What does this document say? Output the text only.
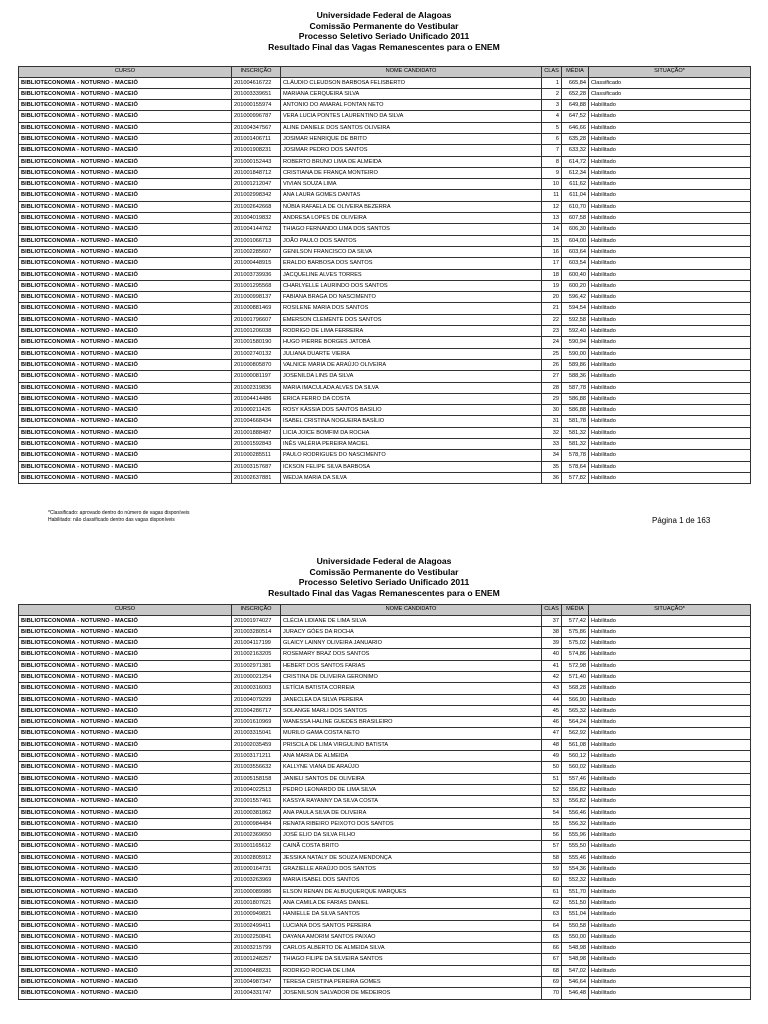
Universidade Federal de Alagoas
Comissão Permanente do Vestibular
Processo Seletivo Seriado Unificado 2011
Resultado Final das Vagas Remanescentes para o ENEM
CURSO	INSCRIÇÃO	NOME CANDIDATO	CLAS	MÉDIA	SITUAÇÃO*
BIBLIOTECONOMIA - NOTURNO - MACEIÓ	201004616722	CLÁUDIO CLEUDSON BARBOSA FELISBERTO	1	665,84	Classificado
BIBLIOTECONOMIA - NOTURNO - MACEIÓ	201003339651	MARIANA CERQUEIRA SILVA	2	652,28	Classificado
BIBLIOTECONOMIA - NOTURNO - MACEIÓ	201000155974	ANTONIO DO AMARAL FONTAN NETO	3	649,88	Habilitado
BIBLIOTECONOMIA - NOTURNO - MACEIÓ	201000996787	VERA LUCIA PONTES LAURENTINO DA SILVA	4	647,52	Habilitado
BIBLIOTECONOMIA - NOTURNO - MACEIÓ	201004347567	ALINE DANIELE DOS SANTOS OLIVEIRA	5	646,66	Habilitado
BIBLIOTECONOMIA - NOTURNO - MACEIÓ	201001406711	JOSIMAR HENRIQUE DE BRITO	6	635,28	Habilitado
BIBLIOTECONOMIA - NOTURNO - MACEIÓ	201001908231	JOSIMAR PEDRO DOS SANTOS	7	633,32	Habilitado
BIBLIOTECONOMIA - NOTURNO - MACEIÓ	201000152443	ROBERTO BRUNO LIMA DE ALMEIDA	8	614,72	Habilitado
BIBLIOTECONOMIA - NOTURNO - MACEIÓ	201001848712	CRISTIANA DE FRANÇA MONTEIRO	9	612,34	Habilitado
BIBLIOTECONOMIA - NOTURNO - MACEIÓ	201001212047	VIVIAN SOUZA LIMA	10	611,62	Habilitado
BIBLIOTECONOMIA - NOTURNO - MACEIÓ	201002998342	ANA LAURA GOMES DANTAS	11	611,04	Habilitado
BIBLIOTECONOMIA - NOTURNO - MACEIÓ	201002642668	NÚBIA RAFAELA DE OLIVEIRA BEZERRA	12	610,70	Habilitado
BIBLIOTECONOMIA - NOTURNO - MACEIÓ	201004019832	ANDRESA LOPES DE OLIVEIRA	13	607,58	Habilitado
BIBLIOTECONOMIA - NOTURNO - MACEIÓ	201004144762	THIAGO FERNANDO LIMA DOS SANTOS	14	606,30	Habilitado
BIBLIOTECONOMIA - NOTURNO - MACEIÓ	201001066713	JOÃO PAULO DOS SANTOS	15	604,00	Habilitado
BIBLIOTECONOMIA - NOTURNO - MACEIÓ	201002285607	GENILSON FRANCISCO DA SILVA	16	603,64	Habilitado
BIBLIOTECONOMIA - NOTURNO - MACEIÓ	201000448915	ERALDO BARBOSA DOS SANTOS	17	603,54	Habilitado
BIBLIOTECONOMIA - NOTURNO - MACEIÓ	201003739936	JACQUELINE ALVES TORRES	18	600,40	Habilitado
BIBLIOTECONOMIA - NOTURNO - MACEIÓ	201001295568	CHARLYELLE LAURINDO DOS SANTOS	19	600,20	Habilitado
BIBLIOTECONOMIA - NOTURNO - MACEIÓ	201000998137	FABIANA BRAGA DO NASCIMENTO	20	596,42	Habilitado
BIBLIOTECONOMIA - NOTURNO - MACEIÓ	201000881469	ROSILENE MARIA DOS SANTOS	21	594,54	Habilitado
BIBLIOTECONOMIA - NOTURNO - MACEIÓ	201001796607	EMERSON CLEMENTE DOS SANTOS	22	592,58	Habilitado
BIBLIOTECONOMIA - NOTURNO - MACEIÓ	201001206038	RODRIGO DE LIMA FERREIRA	23	592,40	Habilitado
BIBLIOTECONOMIA - NOTURNO - MACEIÓ	201001580190	HUGO PIERRE BORGES JATOBÁ	24	590,94	Habilitado
BIBLIOTECONOMIA - NOTURNO - MACEIÓ	201002740132	JULIANA DUARTE VIEIRA	25	590,00	Habilitado
BIBLIOTECONOMIA - NOTURNO - MACEIÓ	201000805870	VALNICE MARIA DE ARAÚJO OLIVEIRA	26	589,86	Habilitado
BIBLIOTECONOMIA - NOTURNO - MACEIÓ	201000081197	JOSENILDA LINS DA SILVA	27	588,36	Habilitado
BIBLIOTECONOMIA - NOTURNO - MACEIÓ	201002319836	MARIA IMACULADA ALVES DA SILVA	28	587,78	Habilitado
BIBLIOTECONOMIA - NOTURNO - MACEIÓ	201004414486	ERICA FERRO DA COSTA	29	586,88	Habilitado
BIBLIOTECONOMIA - NOTURNO - MACEIÓ	201000211426	ROSY KÁSSIA DOS SANTOS BASILIO	30	586,88	Habilitado
BIBLIOTECONOMIA - NOTURNO - MACEIÓ	201004668434	ISABEL CRISTINA NOGUEIRA BASÍLIO	31	581,78	Habilitado
BIBLIOTECONOMIA - NOTURNO - MACEIÓ	201001888487	LICIA JOICE BOMFIM DA ROCHA	32	581,32	Habilitado
BIBLIOTECONOMIA - NOTURNO - MACEIÓ	201001592843	INÊS VALÉRIA PEREIRA MACIEL	33	581,32	Habilitado
BIBLIOTECONOMIA - NOTURNO - MACEIÓ	201000285511	PAULO RODRIGUES DO NASCIMENTO	34	578,78	Habilitado
BIBLIOTECONOMIA - NOTURNO - MACEIÓ	201003157687	ICKSON FELIPE SILVA BARBOSA	35	578,64	Habilitado
BIBLIOTECONOMIA - NOTURNO - MACEIÓ	201002637881	WEDJA MARIA DA SILVA	36	577,82	Habilitado
*Classificado: aprovado dentro do número de vagas disponíveis
Habilitado: não classificado dentro das vagas disponíveis	Página 1 de 163
Universidade Federal de Alagoas
Comissão Permanente do Vestibular
Processo Seletivo Seriado Unificado 2011
Resultado Final das Vagas Remanescentes para o ENEM
CURSO	INSCRIÇÃO	NOME CANDIDATO	CLAS	MÉDIA	SITUAÇÃO*
BIBLIOTECONOMIA - NOTURNO - MACEIÓ	201001974027	CLÉCIA LIDIANE DE LIMA SILVA	37	577,42	Habilitado
BIBLIOTECONOMIA - NOTURNO - MACEIÓ	201003280514	JURACY GÓES DA ROCHA	38	575,86	Habilitado
BIBLIOTECONOMIA - NOTURNO - MACEIÓ	201004117199	GLAICY LAINNY OLIVEIRA JANUARIO	39	575,02	Habilitado
BIBLIOTECONOMIA - NOTURNO - MACEIÓ	201002163205	ROSEMARY BRAZ DOS SANTOS	40	574,86	Habilitado
BIBLIOTECONOMIA - NOTURNO - MACEIÓ	201002971381	HEBERT DOS SANTOS FARIAS	41	572,98	Habilitado
BIBLIOTECONOMIA - NOTURNO - MACEIÓ	201000021254	CRISTINA DE OLIVEIRA GERONIMO	42	571,40	Habilitado
BIBLIOTECONOMIA - NOTURNO - MACEIÓ	201000316003	LETÍCIA BATISTA CORREIA	43	568,28	Habilitado
BIBLIOTECONOMIA - NOTURNO - MACEIÓ	201004079299	JANECLEA DA SILVA PEREIRA	44	566,90	Habilitado
BIBLIOTECONOMIA - NOTURNO - MACEIÓ	201004286717	SOLANGE MARLI DOS SANTOS	45	565,32	Habilitado
BIBLIOTECONOMIA - NOTURNO - MACEIÓ	201001610969	WANESSA HALINE GUEDES BRASILEIRO	46	564,24	Habilitado
BIBLIOTECONOMIA - NOTURNO - MACEIÓ	201003315041	MURILO GAMA COSTA NETO	47	562,92	Habilitado
BIBLIOTECONOMIA - NOTURNO - MACEIÓ	201002035459	PRISCILA DE LIMA VIRGULINO BATISTA	48	561,08	Habilitado
BIBLIOTECONOMIA - NOTURNO - MACEIÓ	201003171211	ANA MARIA DE ALMEIDA	49	560,12	Habilitado
BIBLIOTECONOMIA - NOTURNO - MACEIÓ	201003556632	KALLYNE VIANA DE ARAÚJO	50	560,02	Habilitado
BIBLIOTECONOMIA - NOTURNO - MACEIÓ	201005158158	JANIELI SANTOS DE OLIVEIRA	51	557,46	Habilitado
BIBLIOTECONOMIA - NOTURNO - MACEIÓ	201004022513	PEDRO LEONARDO DE LIMA SILVA	52	556,82	Habilitado
BIBLIOTECONOMIA - NOTURNO - MACEIÓ	201001557461	KASSYA RAYANNY DA SILVA COSTA	53	556,82	Habilitado
BIBLIOTECONOMIA - NOTURNO - MACEIÓ	201000381862	ANA PAULA SILVA DE OLIVEIRA	54	556,46	Habilitado
BIBLIOTECONOMIA - NOTURNO - MACEIÓ	201000984484	RENATA RIBEIRO PEIXOTO DOS SANTOS	55	556,32	Habilitado
BIBLIOTECONOMIA - NOTURNO - MACEIÓ	201002369650	JOSÉ ELIO DA SILVA FILHO	56	555,96	Habilitado
BIBLIOTECONOMIA - NOTURNO - MACEIÓ	201001165612	CAINÃ COSTA BRITO	57	555,50	Habilitado
BIBLIOTECONOMIA - NOTURNO - MACEIÓ	201002805912	JESSIKA NATALY DE SOUZA MENDONÇA	58	555,46	Habilitado
BIBLIOTECONOMIA - NOTURNO - MACEIÓ	201000164731	GRAZIELLE ARAÚJO DOS SANTOS	59	554,36	Habilitado
BIBLIOTECONOMIA - NOTURNO - MACEIÓ	201003263969	MARIA ISABEL DOS SANTOS	60	552,32	Habilitado
BIBLIOTECONOMIA - NOTURNO - MACEIÓ	201000089986	ELSON RENAN DE ALBUQUERQUE MARQUES	61	551,70	Habilitado
BIBLIOTECONOMIA - NOTURNO - MACEIÓ	201001807621	ANA CAMILA DE FARIAS DANIEL	62	551,50	Habilitado
BIBLIOTECONOMIA - NOTURNO - MACEIÓ	201000949821	HANIELLE DA SILVA SANTOS	63	551,04	Habilitado
BIBLIOTECONOMIA - NOTURNO - MACEIÓ	201002499411	LUCIANA DOS SANTOS PEREIRA	64	550,58	Habilitado
BIBLIOTECONOMIA - NOTURNO - MACEIÓ	201002250841	DAYANA AMORIM SANTOS PAIXAO	65	550,00	Habilitado
BIBLIOTECONOMIA - NOTURNO - MACEIÓ	201003215799	CARLOS ALBERTO DE ALMEIDA SILVA	66	548,98	Habilitado
BIBLIOTECONOMIA - NOTURNO - MACEIÓ	201001248257	THIAGO FILIPE DA SILVEIRA SANTOS	67	548,98	Habilitado
BIBLIOTECONOMIA - NOTURNO - MACEIÓ	201000488231	RODRIGO ROCHA DE LIMA	68	547,02	Habilitado
BIBLIOTECONOMIA - NOTURNO - MACEIÓ	201004987347	TERESA CRISTINA PEREIRA GOMES	69	546,64	Habilitado
BIBLIOTECONOMIA - NOTURNO - MACEIÓ	201004331747	JOSENILSON SALVADOR DE MEDEIROS	70	546,48	Habilitado
